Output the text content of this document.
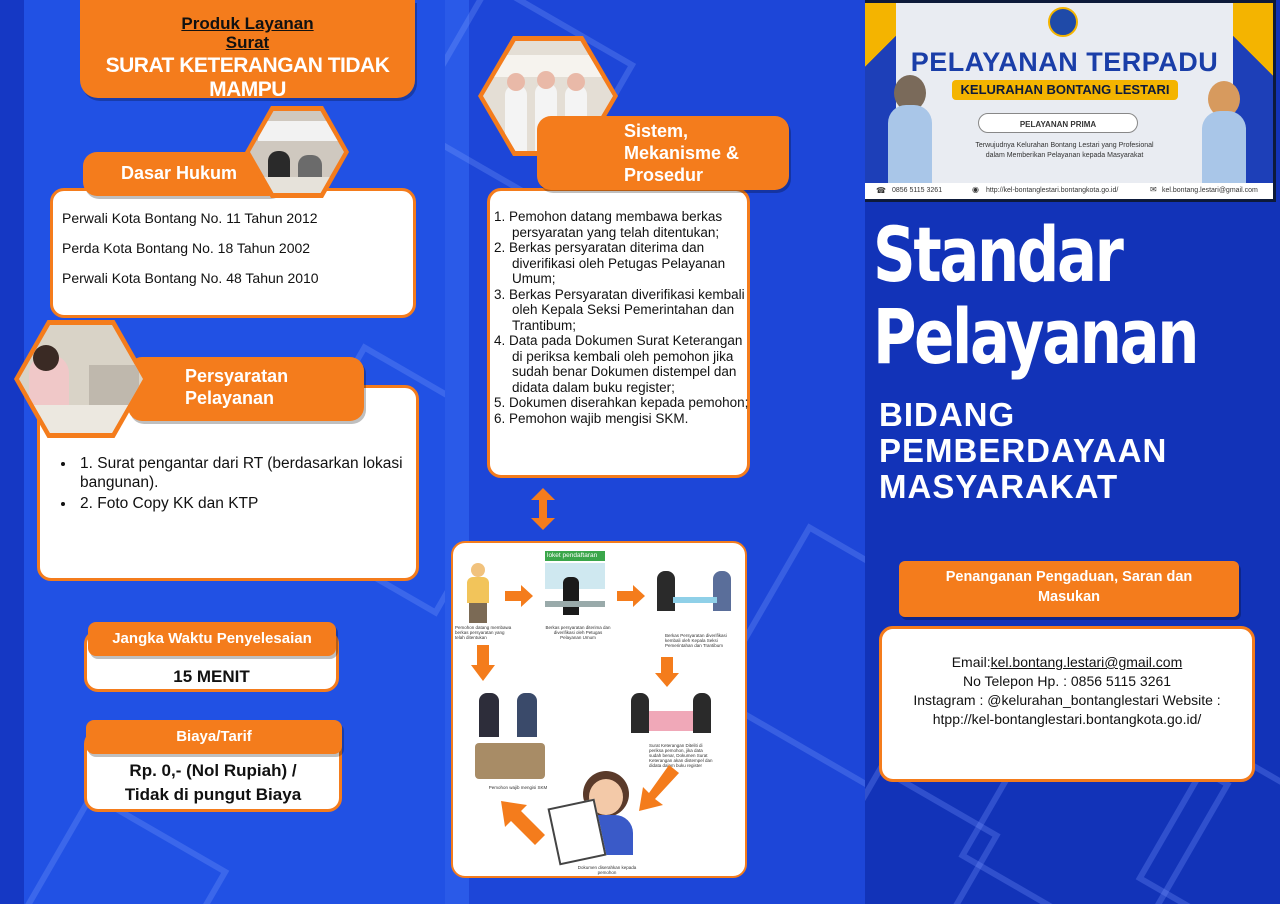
Produk Layanan
Surat
SURAT KETERANGAN TIDAK MAMPU
Perwali Kota Bontang No. 11 Tahun 2012
Perda Kota Bontang No. 18 Tahun 2002
Perwali Kota Bontang No. 48 Tahun 2010
Dasar Hukum
• 1. Surat pengantar dari RT (berdasarkan lokasi bangunan).
• 2. Foto Copy KK dan KTP
Persyaratan
Pelayanan
15 MENIT
Jangka Waktu Penyelesaian
Rp. 0,- (Nol Rupiah) /
Tidak di pungut Biaya
Biaya/Tarif
1. Pemohon datang membawa berkas persyaratan yang telah ditentukan;
2. Berkas persyaratan diterima dan diverifikasi oleh Petugas Pelayanan Umum;
3. Berkas Persyaratan diverifikasi kembali oleh Kepala Seksi Pemerintahan dan Trantibum;
4. Data pada Dokumen Surat Keterangan di periksa kembali oleh pemohon jika sudah benar Dokumen distempel dan didata dalam buku register;
5. Dokumen diserahkan kepada pemohon;
6. Pemohon wajib mengisi SKM.
Sistem,
Mekanisme &
Prosedur
loket pendaftaran
Pemohon datang membawa berkas persyaratan yang telah ditentukan
Berkas persyaratan diterima dan diverifikasi oleh Petugas Pelayanan Umum	Berkas Persyaratan diverifikasi kembali oleh Kepala Seksi Pemerintahan dan Trantibum
Surat Keterangan Diteliti di periksa pemohon, jika data sudah benar, Dokumen Surat Keterangan akan distempel dan didata dalam buku register
Pemohon wajib mengisi SKM
Dokumen diserahkan kepada pemohon
PELAYANAN TERPADU
KELURAHAN BONTANG LESTARI
PELAYANAN PRIMA
Terwujudnya Kelurahan Bontang Lestari yang Profesional
dalam Memberikan Pelayanan kepada Masyarakat
☎ 0856 5115 3261	◉ http://kel-bontanglestari.bontangkota.go.id/	✉ kel.bontang.lestari@gmail.com
Standar
Pelayanan
BIDANG
PEMBERDAYAAN
MASYARAKAT
Penanganan Pengaduan, Saran dan
Masukan
Email:kel.bontang.lestari@gmail.com
No Telepon Hp. : 0856 5115 3261
Instagram : @kelurahan_bontanglestari Website :
htpp://kel-bontanglestari.bontangkota.go.id/
